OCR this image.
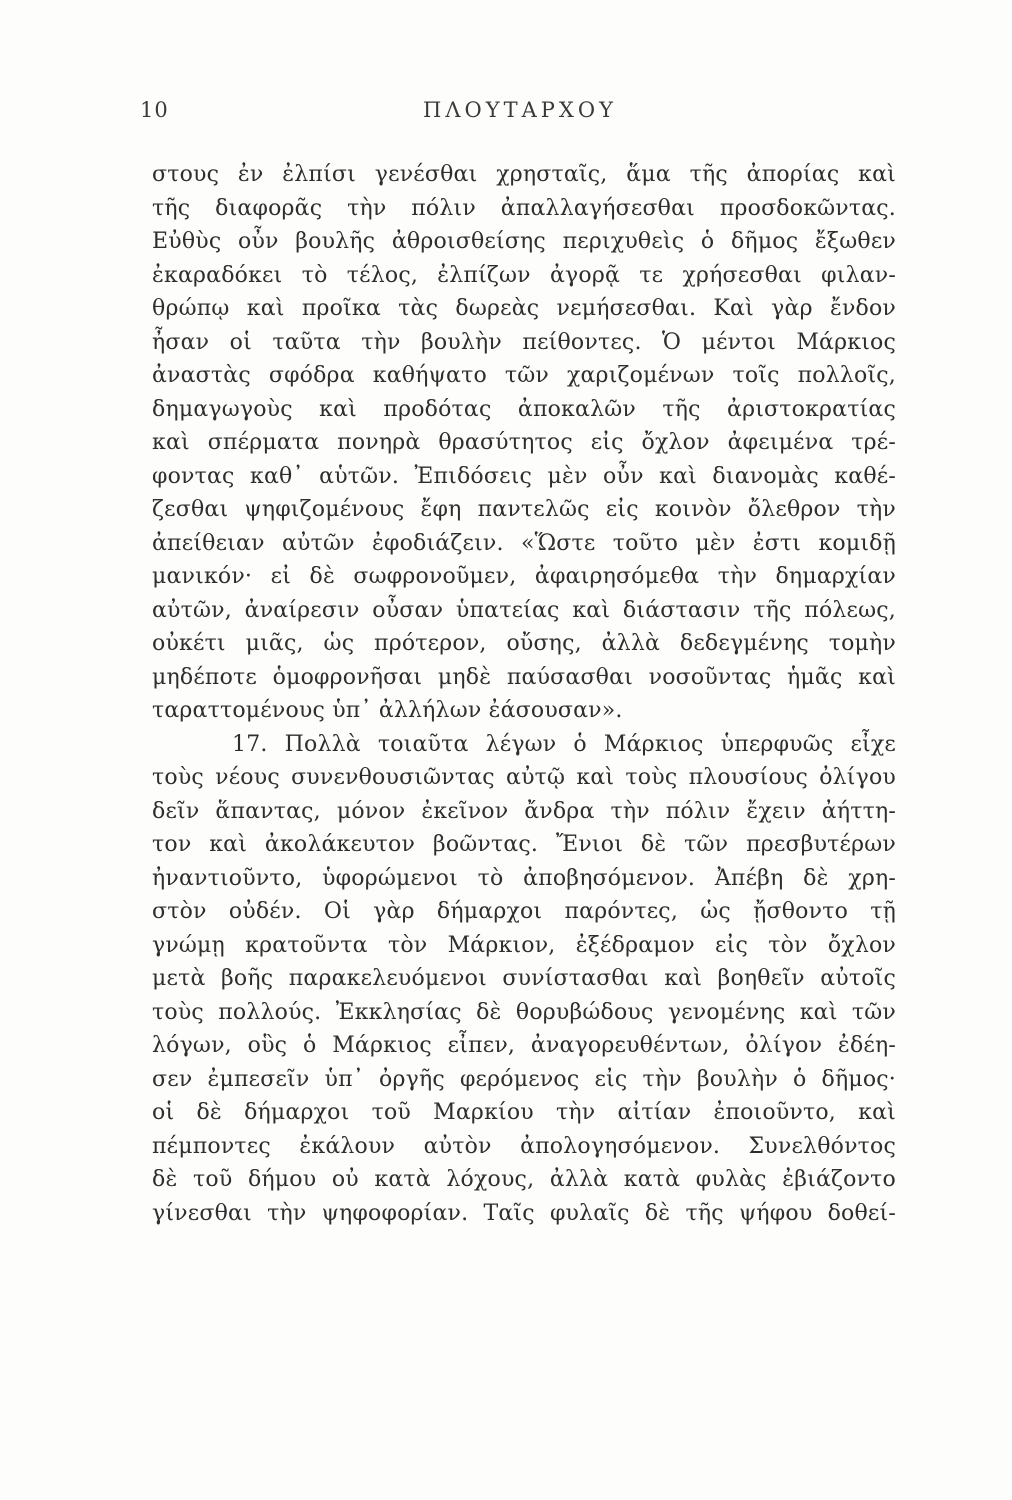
10	ΠΛΟΥΤΑΡΧΟΥ
στους ἐν ἐλπίσι γενέσθαι χρησταῖς, ἅμα τῆς ἀπορίας καὶ
τῆς διαφορᾶς τὴν πόλιν ἀπαλλαγήσεσθαι προσδοκῶντας.
Εὐθὺς οὖν βουλῆς ἀθροισθείσης περιχυθεὶς ὁ δῆμος ἔξωθεν
ἐκαραδόκει τὸ τέλος, ἐλπίζων ἀγορᾷ τε χρήσεσθαι φιλαν-
θρώπῳ καὶ προῖκα τὰς δωρεὰς νεμήσεσθαι. Καὶ γὰρ ἔνδον
ἦσαν οἱ ταῦτα τὴν βουλὴν πείθοντες. Ὁ μέντοι Μάρκιος
ἀναστὰς σφόδρα καθήψατο τῶν χαριζομένων τοῖς πολλοῖς,
δημαγωγοὺς καὶ προδότας ἀποκαλῶν τῆς ἀριστοκρατίας
καὶ σπέρματα πονηρὰ θρασύτητος εἰς ὄχλον ἀφειμένα τρέ-
φοντας καθ᾽ αὑτῶν. Ἐπιδόσεις μὲν οὖν καὶ διανομὰς καθέ-
ζεσθαι ψηφιζομένους ἔφη παντελῶς εἰς κοινὸν ὄλεθρον τὴν
ἀπείθειαν αὐτῶν ἐφοδιάζειν. «Ὥστε τοῦτο μὲν ἐστι κομιδῇ
μανικόν· εἰ δὲ σωφρονοῦμεν, ἀφαιρησόμεθα τὴν δημαρχίαν
αὐτῶν, ἀναίρεσιν οὖσαν ὑπατείας καὶ διάστασιν τῆς πόλεως,
οὐκέτι μιᾶς, ὡς πρότερον, οὔσης, ἀλλὰ δεδεγμένης τομὴν
μηδέποτε ὁμοφρονῆσαι μηδὲ παύσασθαι νοσοῦντας ἡμᾶς καὶ
ταραττομένους ὑπ᾽ ἀλλήλων ἐάσουσαν».
17. Πολλὰ τοιαῦτα λέγων ὁ Μάρκιος ὑπερφυῶς εἶχε
τοὺς νέους συνενθουσιῶντας αὐτῷ καὶ τοὺς πλουσίους ὀλίγου
δεῖν ἅπαντας, μόνον ἐκεῖνον ἄνδρα τὴν πόλιν ἔχειν ἀήττη-
τον καὶ ἀκολάκευτον βοῶντας. Ἔνιοι δὲ τῶν πρεσβυτέρων
ἠναντιοῦντο, ὑφορώμενοι τὸ ἀποβησόμενον. Ἀπέβη δὲ χρη-
στὸν οὐδέν. Οἱ γὰρ δήμαρχοι παρόντες, ὡς ᾔσθοντο τῇ
γνώμῃ κρατοῦντα τὸν Μάρκιον, ἐξέδραμον εἰς τὸν ὄχλον
μετὰ βοῆς παρακελευόμενοι συνίστασθαι καὶ βοηθεῖν αὐτοῖς
τοὺς πολλούς. Ἐκκλησίας δὲ θορυβώδους γενομένης καὶ τῶν
λόγων, οὓς ὁ Μάρκιος εἶπεν, ἀναγορευθέντων, ὀλίγον ἐδέη-
σεν ἐμπεσεῖν ὑπ᾽ ὀργῆς φερόμενος εἰς τὴν βουλὴν ὁ δῆμος·
οἱ δὲ δήμαρχοι τοῦ Μαρκίου τὴν αἰτίαν ἐποιοῦντο, καὶ
πέμποντες ἐκάλουν αὐτὸν ἀπολογησόμενον. Συνελθόντος
δὲ τοῦ δήμου οὐ κατὰ λόχους, ἀλλὰ κατὰ φυλὰς ἐβιάζοντο
γίνεσθαι τὴν ψηφοφορίαν. Ταῖς φυλαῖς δὲ τῆς ψήφου δοθεί-
